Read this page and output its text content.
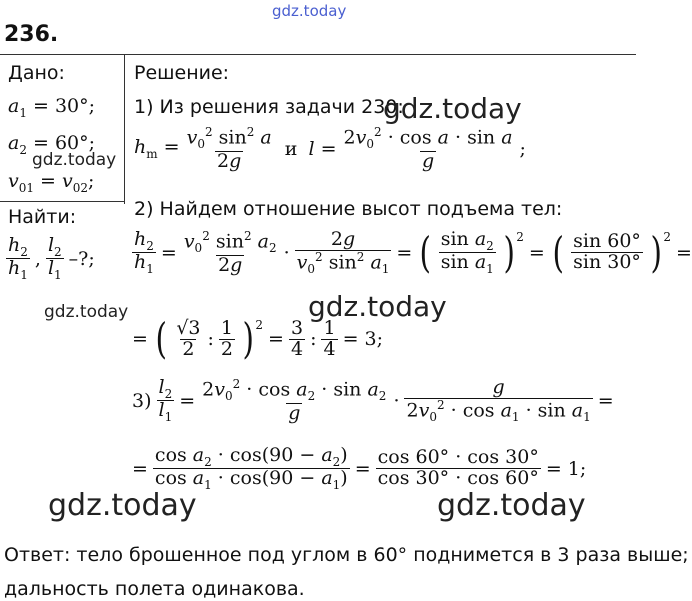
gdz.today
236.
Дано:
$a_1 = 30^\circ$;
$a_2 = 60^\circ$;
$v_{01} = v_{02}$;
Найти:
$\frac{h_2}{h_1}$ , $\frac{l_2}{l_1}$ –?;
Решение:
1) Из решения задачи 230:
$h_m = \frac{v_0^2 \sin^2 a}{2g}$ и $l = \frac{2v_0^2 \cdot \cos a \cdot \sin a}{g}$ ;
2) Найдем отношение высот подъема тел:
$\frac{h_2}{h_1} = \frac{v_0^2 \sin^2 a_2}{2g} \cdot \frac{2g}{v_0^2 \sin^2 a_1}$ = ( $\frac{\sin a_2}{\sin a_1} )^2$
= ( $\frac{\sin 60^\circ}{\sin 30^\circ} )^2$
=
= ( $\frac{√3}{2}$ : $\frac{1}{2} )^2$
= $\frac{3}{4}$ : $\frac{1}{4} = 3$;
$3) \frac{l_2}{l_1} = \frac{2v_0^2 \cdot \cos a_2 \cdot \sin a_2}{g} \cdot \frac{g}{2v_0^2 \cdot \cos a_1 \cdot \sin a_1}$ =
= $\frac{\cos a_2 \cdot \cos(90 - a_2)}{\cos a_1 \cdot \cos(90 - a_1)} = \frac{\cos 60^\circ \cdot \cos 30^\circ}{\cos 30^\circ \cdot \cos 60^\circ} = 1$;
Ответ: тело брошенное под углом в 60° поднимется в 3 раза выше;
дальность полета одинакова.
gdz.today
gdz.today
gdz.today
gdz.today
gdz.today	gdz.today
